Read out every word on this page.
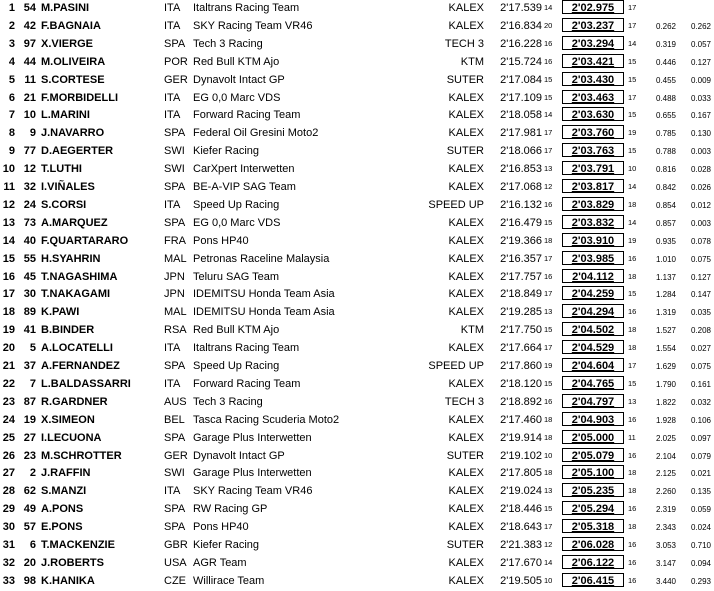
1 54 M.PASINI	ITA Italtrans Racing Team	KALEX	2'17.539 14	2'02.975	17
2 42 F.BAGNAIA	ITA SKY Racing Team VR46	KALEX	2'16.834 20	2'03.237	17	0.262	0.262
3 97 X.VIERGE	SPA Tech 3 Racing	TECH 3	2'16.228 16	2'03.294	14	0.319	0.057
4 44 M.OLIVEIRA	POR Red Bull KTM Ajo	KTM	2'15.724 16	2'03.421	15	0.446	0.127
5 11 S.CORTESE	GER Dynavolt Intact GP	SUTER	2'17.084 15	2'03.430	15	0.455	0.009
6 21 F.MORBIDELLI	ITA EG 0,0 Marc VDS	KALEX	2'17.109 15	2'03.463	17	0.488	0.033
7 10 L.MARINI	ITA Forward Racing Team	KALEX	2'18.058 14	2'03.630	15	0.655	0.167
8	9 J.NAVARRO	SPA Federal Oil Gresini Moto2	KALEX	2'17.981 17	2'03.760	19	0.785	0.130
9 77 D.AEGERTER	SWI Kiefer Racing	SUTER	2'18.066 17	2'03.763	15	0.788	0.003
10 12 T.LUTHI	SWI CarXpert Interwetten	KALEX	2'16.853 13	2'03.791	10	0.816	0.028
11 32 I.VIÑALES	SPA BE-A-VIP SAG Team	KALEX	2'17.068 12	2'03.817	14	0.842	0.026
12 24 S.CORSI	ITA Speed Up Racing	SPEED UP	2'16.132 16	2'03.829	18	0.854	0.012
13 73 A.MARQUEZ	SPA EG 0,0 Marc VDS	KALEX	2'16.479 15	2'03.832	14	0.857	0.003
14 40 F.QUARTARARO	FRA Pons HP40	KALEX	2'19.366 18	2'03.910	19	0.935	0.078
15 55 H.SYAHRIN	MAL Petronas Raceline Malaysia	KALEX	2'16.357 17	2'03.985	16	1.010	0.075
16 45 T.NAGASHIMA	JPN Teluru SAG Team	KALEX	2'17.757 16	2'04.112	18	1.137	0.127
17 30 T.NAKAGAMI	JPN IDEMITSU Honda Team Asia	KALEX	2'18.849 17	2'04.259	15	1.284	0.147
18 89 K.PAWI	MAL IDEMITSU Honda Team Asia	KALEX	2'19.285 13	2'04.294	16	1.319	0.035
19 41 B.BINDER	RSA Red Bull KTM Ajo	KTM	2'17.750 15	2'04.502	18	1.527	0.208
20	5 A.LOCATELLI	ITA Italtrans Racing Team	KALEX	2'17.664 17	2'04.529	18	1.554	0.027
21 37 A.FERNANDEZ	SPA Speed Up Racing	SPEED UP	2'17.860 19	2'04.604	17	1.629	0.075
22	7 L.BALDASSARRI	ITA Forward Racing Team	KALEX	2'18.120 15	2'04.765	15	1.790	0.161
23 87 R.GARDNER	AUS Tech 3 Racing	TECH 3	2'18.892 16	2'04.797	13	1.822	0.032
24 19 X.SIMEON	BEL Tasca Racing Scuderia Moto2	KALEX	2'17.460 18	2'04.903	16	1.928	0.106
25 27 I.LECUONA	SPA Garage Plus Interwetten	KALEX	2'19.914 18	2'05.000	11	2.025	0.097
26 23 M.SCHROTTER	GER Dynavolt Intact GP	SUTER	2'19.102 10	2'05.079	16	2.104	0.079
27	2 J.RAFFIN	SWI Garage Plus Interwetten	KALEX	2'17.805 18	2'05.100	18	2.125	0.021
28 62 S.MANZI	ITA SKY Racing Team VR46	KALEX	2'19.024 13	2'05.235	18	2.260	0.135
29 49 A.PONS	SPA RW Racing GP	KALEX	2'18.446 15	2'05.294	16	2.319	0.059
30 57 E.PONS	SPA Pons HP40	KALEX	2'18.643 17	2'05.318	18	2.343	0.024
31	6 T.MACKENZIE	GBR Kiefer Racing	SUTER	2'21.383 12	2'06.028	16	3.053	0.710
32 20 J.ROBERTS	USA AGR Team	KALEX	2'17.670 14	2'06.122	16	3.147	0.094
33 98 K.HANIKA	CZE Willirace Team	KALEX	2'19.505 10	2'06.415	16	3.440	0.293
